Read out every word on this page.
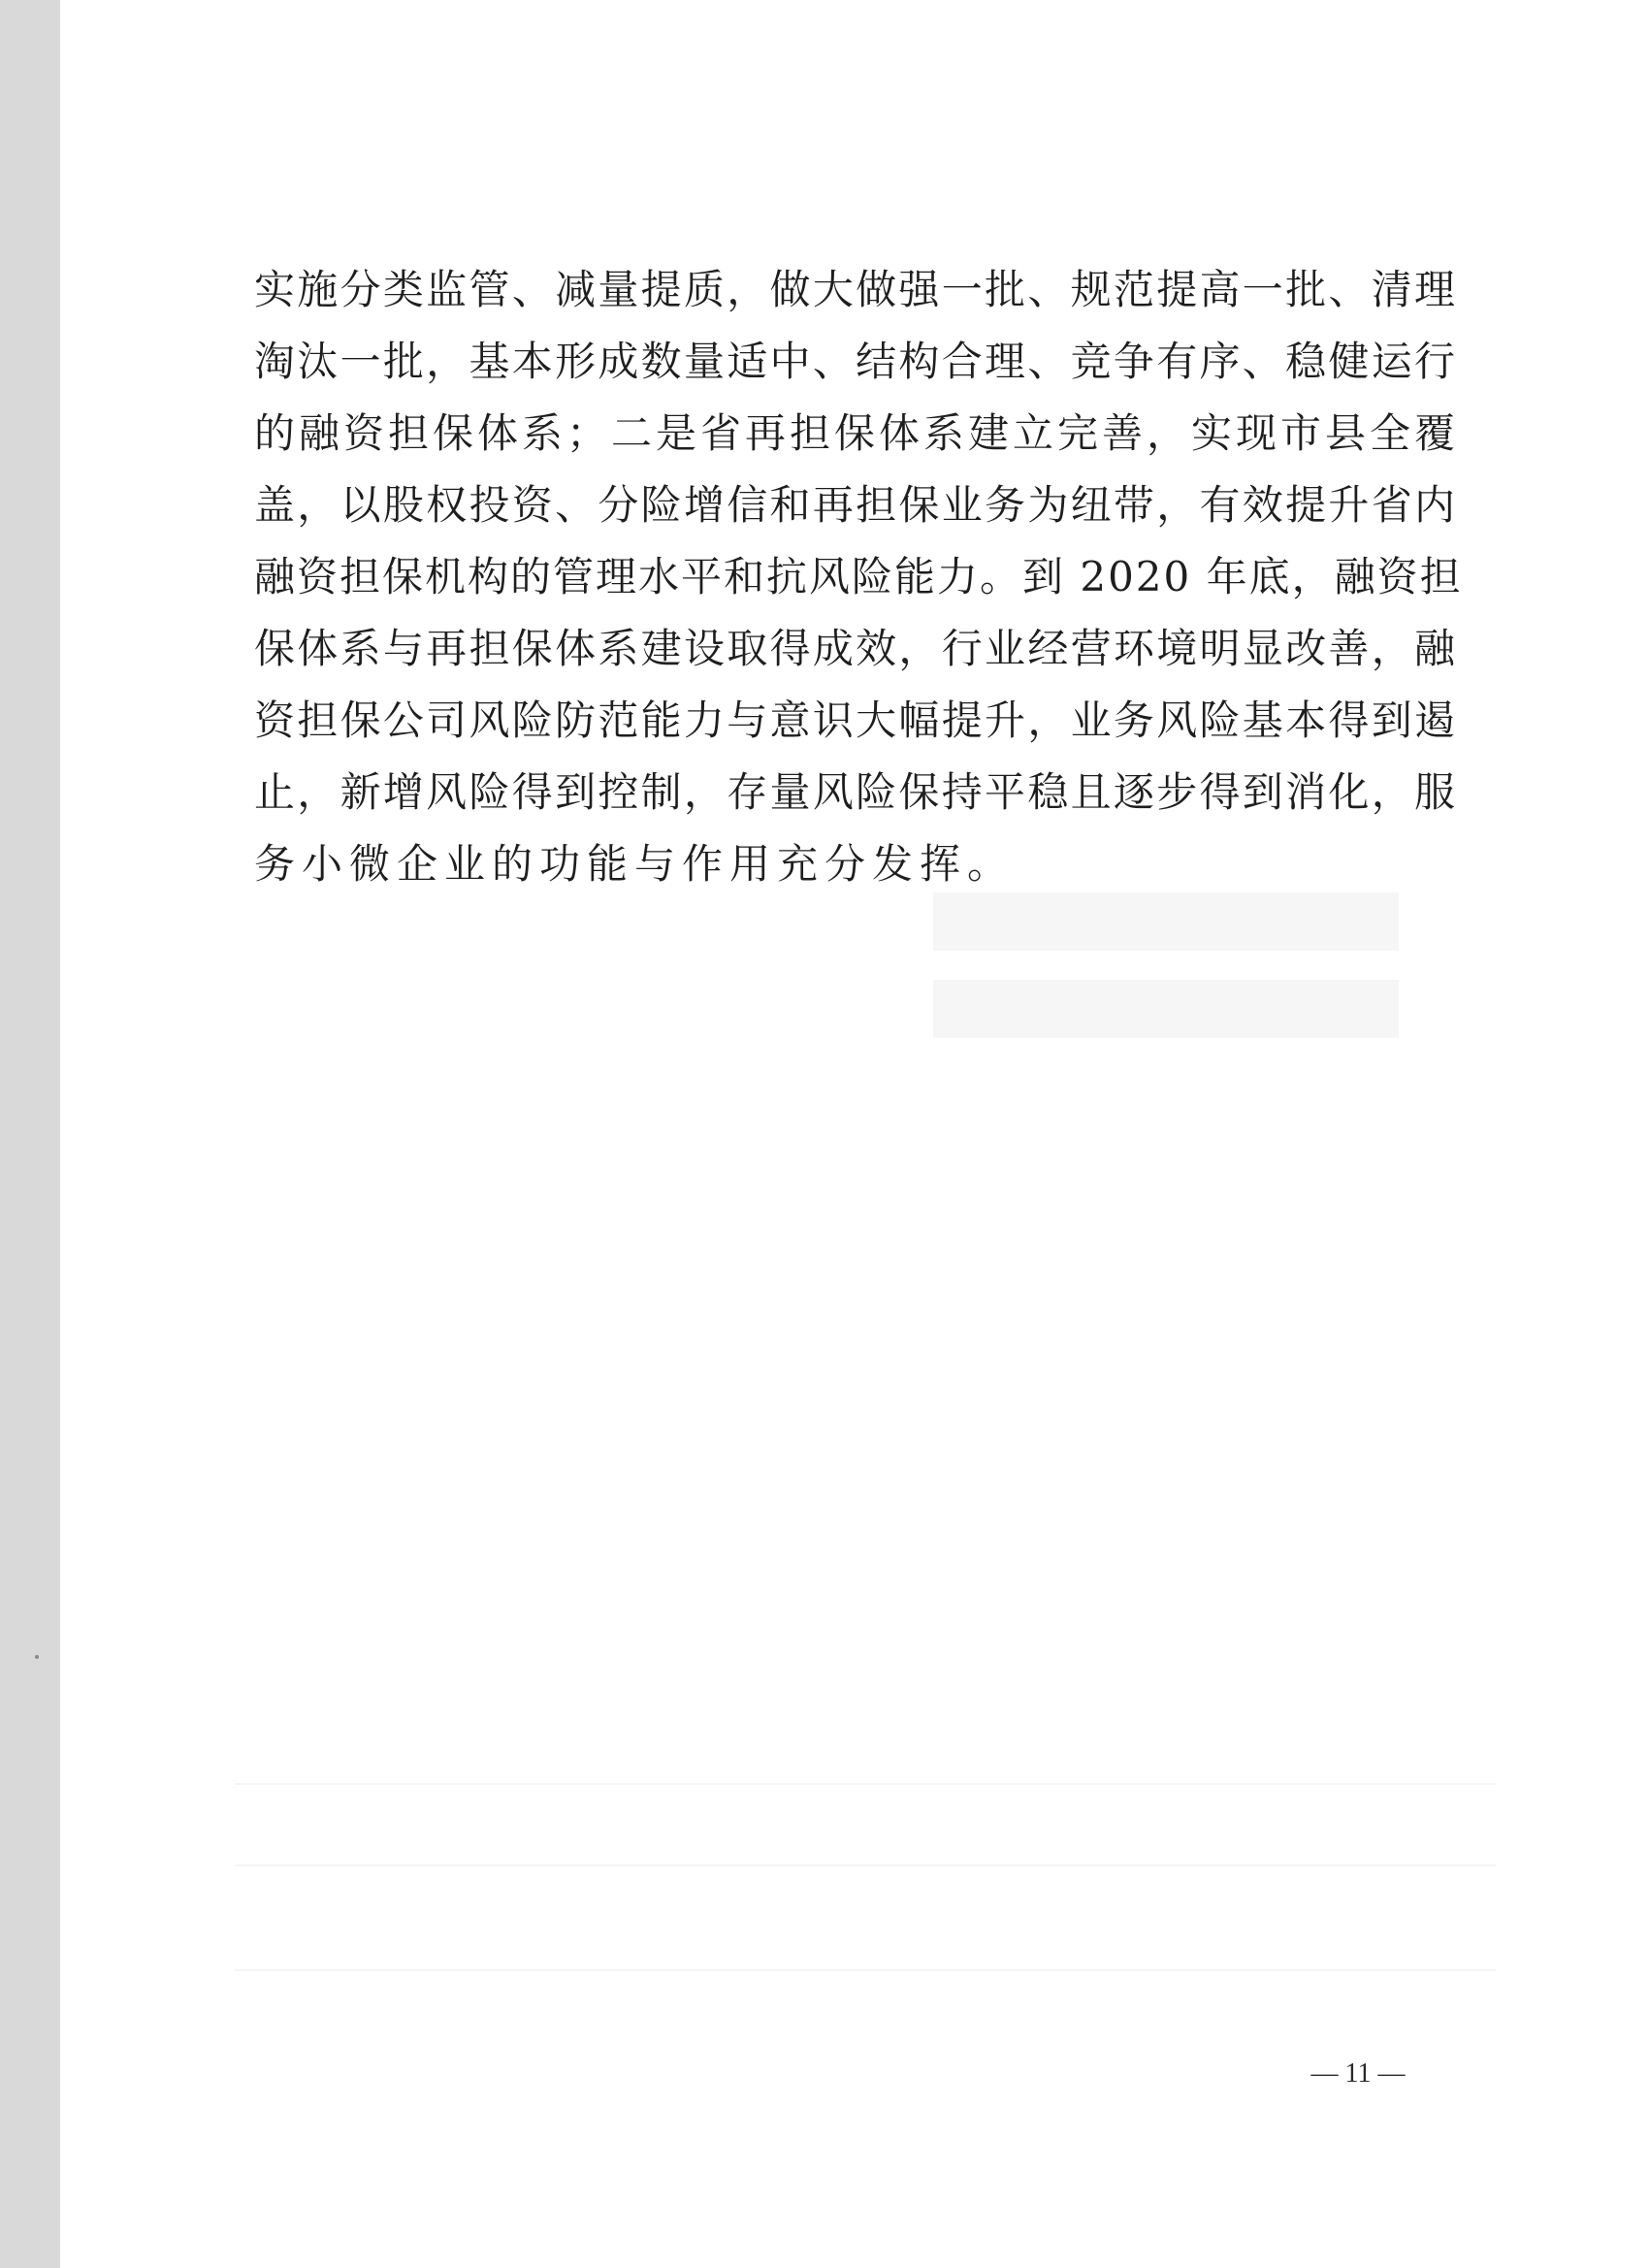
实施分类监管、减量提质，做大做强一批、规范提高一批、清理
淘汰一批，基本形成数量适中、结构合理、竞争有序、稳健运行
的融资担保体系；二是省再担保体系建立完善，实现市县全覆
盖，以股权投资、分险增信和再担保业务为纽带，有效提升省内
融资担保机构的管理水平和抗风险能力。到 2020 年底，融资担
保体系与再担保体系建设取得成效，行业经营环境明显改善，融
资担保公司风险防范能力与意识大幅提升，业务风险基本得到遏
止，新增风险得到控制，存量风险保持平稳且逐步得到消化，服
务小微企业的功能与作用充分发挥。
— 11 —
